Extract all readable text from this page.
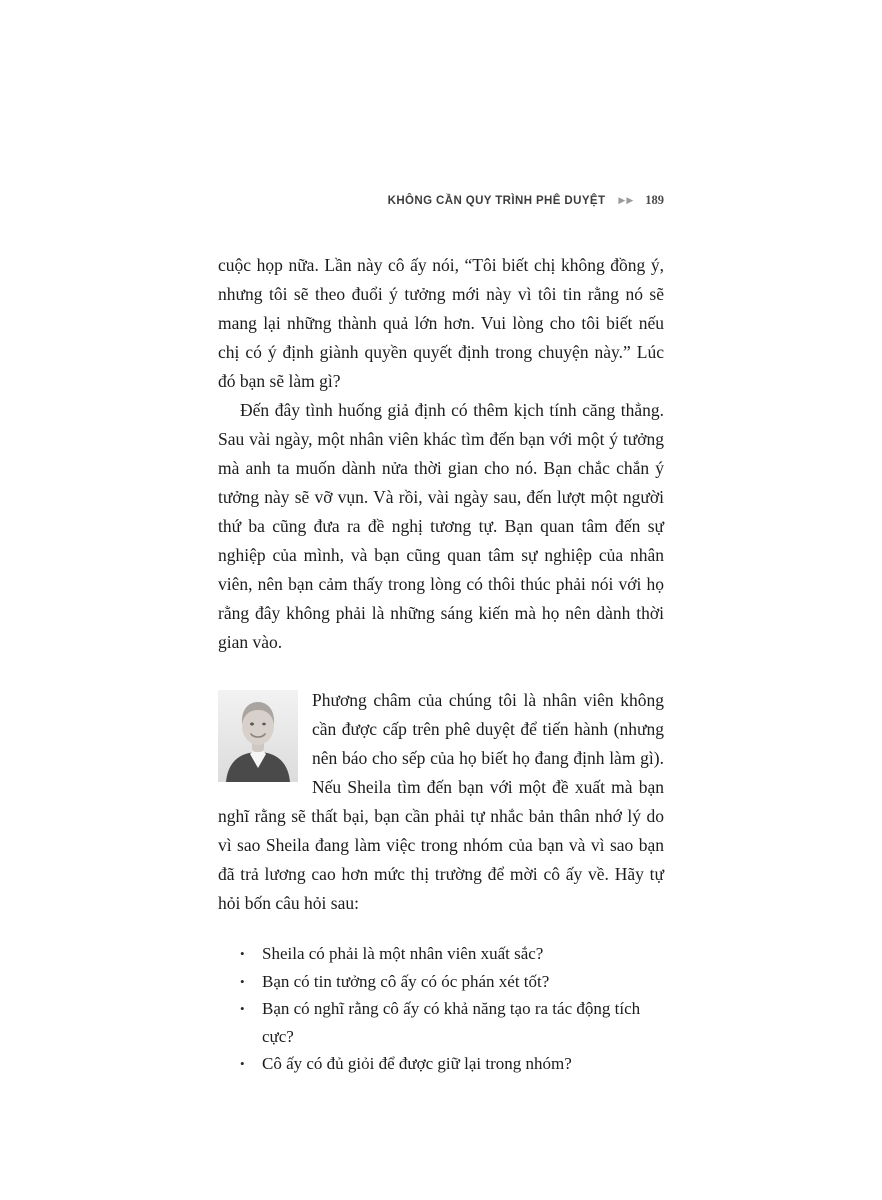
KHÔNG CẦN QUY TRÌNH PHÊ DUYỆT ▶▶ 189

cuộc họp nữa. Lần này cô ấy nói, “Tôi biết chị không đồng ý, nhưng tôi sẽ theo đuổi ý tưởng mới này vì tôi tin rằng nó sẽ mang lại những thành quả lớn hơn. Vui lòng cho tôi biết nếu chị có ý định giành quyền quyết định trong chuyện này.” Lúc đó bạn sẽ làm gì?

Đến đây tình huống giả định có thêm kịch tính căng thẳng. Sau vài ngày, một nhân viên khác tìm đến bạn với một ý tưởng mà anh ta muốn dành nửa thời gian cho nó. Bạn chắc chắn ý tưởng này sẽ vỡ vụn. Và rồi, vài ngày sau, đến lượt một người thứ ba cũng đưa ra đề nghị tương tự. Bạn quan tâm đến sự nghiệp của mình, và bạn cũng quan tâm sự nghiệp của nhân viên, nên bạn cảm thấy trong lòng có thôi thúc phải nói với họ rằng đây không phải là những sáng kiến mà họ nên dành thời gian vào.

Phương châm của chúng tôi là nhân viên không cần được cấp trên phê duyệt để tiến hành (nhưng nên báo cho sếp của họ biết họ đang định làm gì). Nếu Sheila tìm đến bạn với một đề xuất mà bạn nghĩ rằng sẽ thất bại, bạn cần phải tự nhắc bản thân nhớ lý do vì sao Sheila đang làm việc trong nhóm của bạn và vì sao bạn đã trả lương cao hơn mức thị trường để mời cô ấy về. Hãy tự hỏi bốn câu hỏi sau:

•	Sheila có phải là một nhân viên xuất sắc?
•	Bạn có tin tưởng cô ấy có óc phán xét tốt?
•	Bạn có nghĩ rằng cô ấy có khả năng tạo ra tác động tích cực?
•	Cô ấy có đủ giỏi để được giữ lại trong nhóm?
